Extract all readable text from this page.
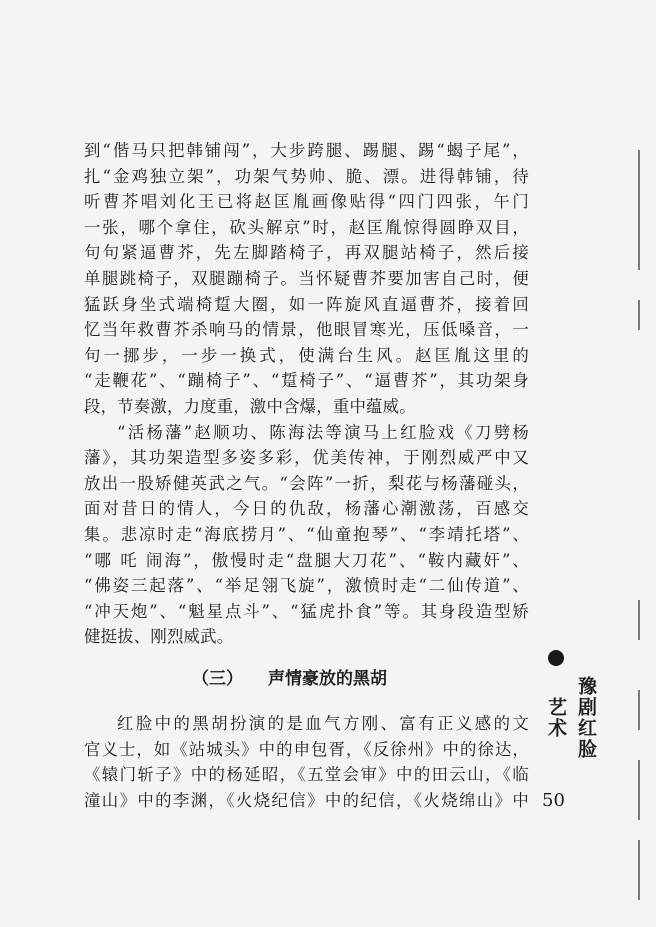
到“偕马只把韩铺闯”，大步跨腿、踢腿、踢“蝎子尾”，
扎“金鸡独立架”，功架气势帅、脆、漂。进得韩铺，待
听曹芥唱刘化王已将赵匡胤画像贴得“四门四张，午门
一张，哪个拿住，砍头解京”时，赵匡胤惊得圆睁双目，
句句紧逼曹芥，先左脚踏椅子，再双腿站椅子，然后接
单腿跳椅子，双腿蹦椅子。当怀疑曹芥要加害自己时，便
猛跃身坐式端椅踅大圈，如一阵旋风直逼曹芥，接着回
忆当年救曹芥杀响马的情景，他眼冒寒光，压低嗓音，一
句一挪步，一步一换式，使满台生风。赵匡胤这里的
“走鞭花”、“蹦椅子”、“踅椅子”、“逼曹芥”，其功架身
段，节奏激，力度重，激中含爆，重中蕴威。
“活杨藩”赵顺功、陈海法等演马上红脸戏《刀劈杨
藩》，其功架造型多姿多彩，优美传神，于刚烈威严中又
放出一股矫健英武之气。“会阵”一折，梨花与杨藩碰头，
面对昔日的情人，今日的仇敌，杨藩心潮激荡，百感交
集。悲凉时走“海底捞月”、“仙童抱琴”、“李靖托塔”、
“哪 吒 闹海”，傲慢时走“盘腿大刀花”、“鞍内藏奸”、
“佛姿三起落”、“举足翎飞旋”，激愤时走“二仙传道”、
“冲天炮”、“魁星点斗”、“猛虎扑食”等。其身段造型矫
健挺拔、刚烈威武。
（三） 声情豪放的黑胡
红脸中的黑胡扮演的是血气方刚、富有正义感的文
官义士，如《站城头》中的申包胥，《反徐州》中的徐达，
《辕门斩子》中的杨延昭，《五堂会审》中的田云山，《临
潼山》中的李渊，《火烧纪信》中的纪信，《火烧绵山》中
豫剧红脸艺术
50
